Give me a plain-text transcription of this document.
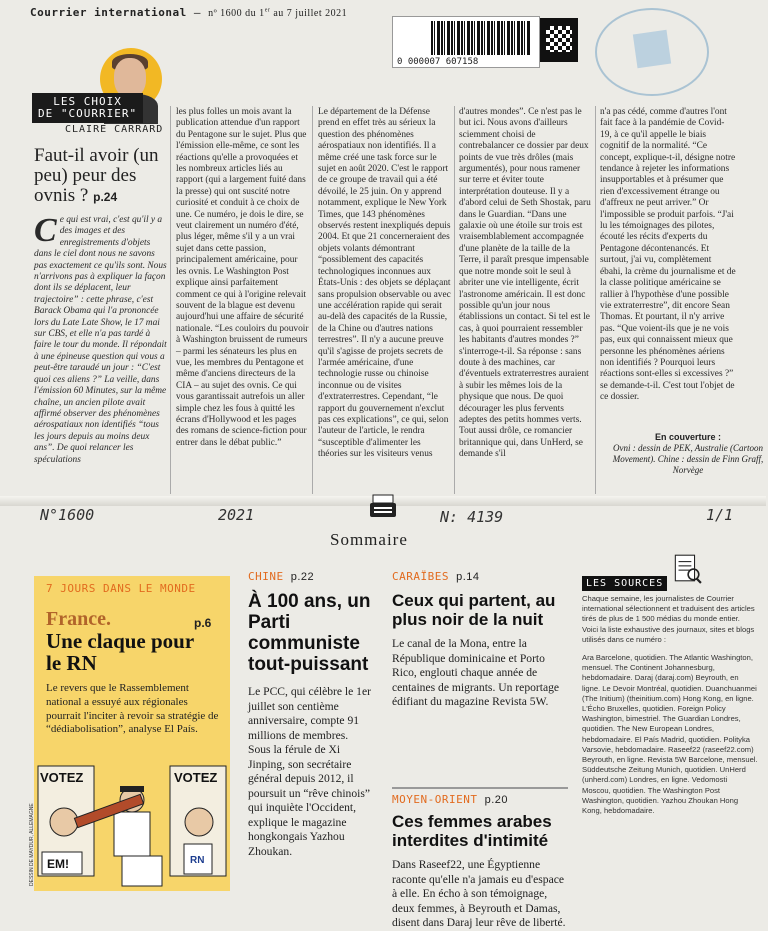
Courrier international — nº 1600 du 1er au 7 juillet 2021
0 000007 607158
LES CHOIX
DE "COURRIER"
CLAIRE CARRARD
Faut-il avoir (un peu) peur des ovnis ? p.24
Ce qui est vrai, c'est qu'il y a des images et des enregistrements d'objets dans le ciel dont nous ne savons pas exactement ce qu'ils sont. Nous n'arrivons pas à expliquer la façon dont ils se déplacent, leur trajectoire” : cette phrase, c'est Barack Obama qui l'a prononcée lors du Late Late Show, le 17 mai sur CBS, et elle n'a pas tardé à faire le tour du monde. Il répondait à une épineuse question qui vous a peut-être taraudé un jour : “C'est quoi ces aliens ?” La veille, dans l'émission 60 Minutes, sur la même chaîne, un ancien pilote avait affirmé observer des phénomènes aérospatiaux non identifiés “tous les jours depuis au moins deux ans”. De quoi relancer les spéculations
les plus folles un mois avant la publication attendue d'un rapport du Pentagone sur le sujet. Plus que l'émission elle-même, ce sont les réactions qu'elle a provoquées et les nombreux articles liés au rapport (qui a largement fuité dans la presse) qui ont suscité notre curiosité et conduit à ce choix de une. Ce numéro, je dois le dire, se veut clairement un numéro d'été, plus léger, même s'il y a un vrai sujet dans cette passion, principalement américaine, pour les ovnis. Le Washington Post explique ainsi parfaitement comment ce qui à l'origine relevait souvent de la blague est devenu aujourd'hui une affaire de sécurité nationale. “Les couloirs du pouvoir à Washington bruissent de rumeurs – parmi les sénateurs les plus en vue, les membres du Pentagone et même d'anciens directeurs de la CIA – au sujet des ovnis. Ce qui vous garantissait autrefois un aller simple chez les fous à quitté les écrans d'Hollywood et les pages des romans de science-fiction pour entrer dans le débat public.”
Le département de la Défense prend en effet très au sérieux la question des phénomènes aérospatiaux non identifiés. Il a même créé une task force sur le sujet en août 2020. C'est le rapport de ce groupe de travail qui a été dévoilé, le 25 juin. On y apprend notamment, explique le New York Times, que 143 phénomènes observés restent inexpliqués depuis 2004. Et que 21 concerneraient des objets volants démontrant “possiblement des capacités technologiques inconnues aux États-Unis : des objets se déplaçant sans propulsion observable ou avec une accélération rapide qui serait au-delà des capacités de la Russie, de la Chine ou d'autres nations terrestres”. Il n'y a aucune preuve qu'il s'agisse de projets secrets de l'armée américaine, d'une technologie russe ou chinoise inconnue ou de visites d'extraterrestres. Cependant, “le rapport du gouvernement n'exclut pas ces explications”, ce qui, selon l'auteur de l'article, le rendra “susceptible d'alimenter les théories sur les visiteurs venus
d'autres mondes”. Ce n'est pas le but ici. Nous avons d'ailleurs sciemment choisi de contrebalancer ce dossier par deux points de vue très drôles (mais argumentés), pour nous ramener sur terre et éviter toute interprétation douteuse. Il y a d'abord celui de Seth Shostak, paru dans le Guardian. “Dans une galaxie où une étoile sur trois est vraisemblablement accompagnée d'une planète de la taille de la Terre, il paraît presque impensable que notre monde soit le seul à abriter une vie intelligente, écrit l'astronome américain. Il est donc possible qu'un jour nous établissions un contact. Si tel est le cas, à quoi pourraient ressembler les habitants d'autres mondes ?” s'interroge-t-il. Sa réponse : sans doute à des machines, car d'éventuels extraterrestres auraient à subir les mêmes lois de la physique que nous. De quoi décourager les plus fervents adeptes des petits hommes verts. Tout aussi drôle, ce romancier britannique qui, dans UnHerd, se demande s'il
n'a pas cédé, comme d'autres l'ont fait face à la pandémie de Covid-19, à ce qu'il appelle le biais cognitif de la normalité. “Ce concept, explique-t-il, désigne notre tendance à rejeter les informations insupportables et à présumer que rien d'excessivement étrange ou d'affreux ne peut arriver.” Or l'impossible se produit parfois. “J'ai lu les témoignages des pilotes, écouté les récits d'experts du Pentagone décontenancés. Et surtout, j'ai vu, complètement ébahi, la crème du journalisme et de la classe politique américaine se rallier à l'hypothèse d'une possible vie extraterrestre”, dit encore Sean Thomas. Et pourtant, il n'y arrive pas. “Que voient-ils que je ne vois pas, eux qui connaissent mieux que personne les phénomènes aériens non identifiés ? Pourquoi leurs réactions sont-elles si excessives ?” se demande-t-il. C'est tout l'objet de ce dossier.
En couverture :
Ovni : dessin de PEK, Australie (Cartoon Movement). Chine : dessin de Finn Graff, Norvège
N°1600	2021	N: 4139	1/1
Sommaire
7 JOURS DANS LE MONDE
France.	p.6
Une claque pour le RN
Le revers que le Rassemblement national a essuyé aux régionales pourrait l'inciter à revoir sa stratégie de “dédiabolisation”, analyse El País.
VOTEZ	VOTEZ
EM!	RN
DESSIN DE MAYDUR, ALLEMAGNE
CHINE p.22
À 100 ans, un Parti communiste tout-puissant
Le PCC, qui célèbre le 1er juillet son centième anniversaire, compte 91 millions de membres. Sous la férule de Xi Jinping, son secrétaire général depuis 2012, il poursuit un “rêve chinois” qui inquiète l'Occident, explique le magazine hongkongais Yazhou Zhoukan.
CARAÏBES p.14
Ceux qui partent, au plus noir de la nuit
Le canal de la Mona, entre la République dominicaine et Porto Rico, englouti chaque année de centaines de migrants. Un reportage édifiant du magazine Revista 5W.
MOYEN-ORIENT p.20
Ces femmes arabes interdites d'intimité
Dans Raseef22, une Égyptienne raconte qu'elle n'a jamais eu d'espace à elle. En écho à son témoignage, deux femmes, à Beyrouth et Damas, disent dans Daraj leur rêve de liberté.
LES SOURCES
Chaque semaine, les journalistes de Courrier international sélectionnent et traduisent des articles tirés de plus de 1 500 médias du monde entier. Voici la liste exhaustive des journaux, sites et blogs utilisés dans ce numéro :
Ara Barcelone, quotidien. The Atlantic Washington, mensuel. The Continent Johannesburg, hebdomadaire. Daraj (daraj.com) Beyrouth, en ligne. Le Devoir Montréal, quotidien. Duanchuanmei (The Initium) (theinitium.com) Hong Kong, en ligne. L'Écho Bruxelles, quotidien. Foreign Policy Washington, bimestriel. The Guardian Londres, quotidien. The New European Londres, hebdomadaire. El País Madrid, quotidien. Polityka Varsovie, hebdomadaire. Raseef22 (raseef22.com) Beyrouth, en ligne. Revista 5W Barcelone, mensuel. Süddeutsche Zeitung Munich, quotidien. UnHerd (unherd.com) Londres, en ligne. Vedomosti Moscou, quotidien. The Washington Post Washington, quotidien. Yazhou Zhoukan Hong Kong, hebdomadaire.
